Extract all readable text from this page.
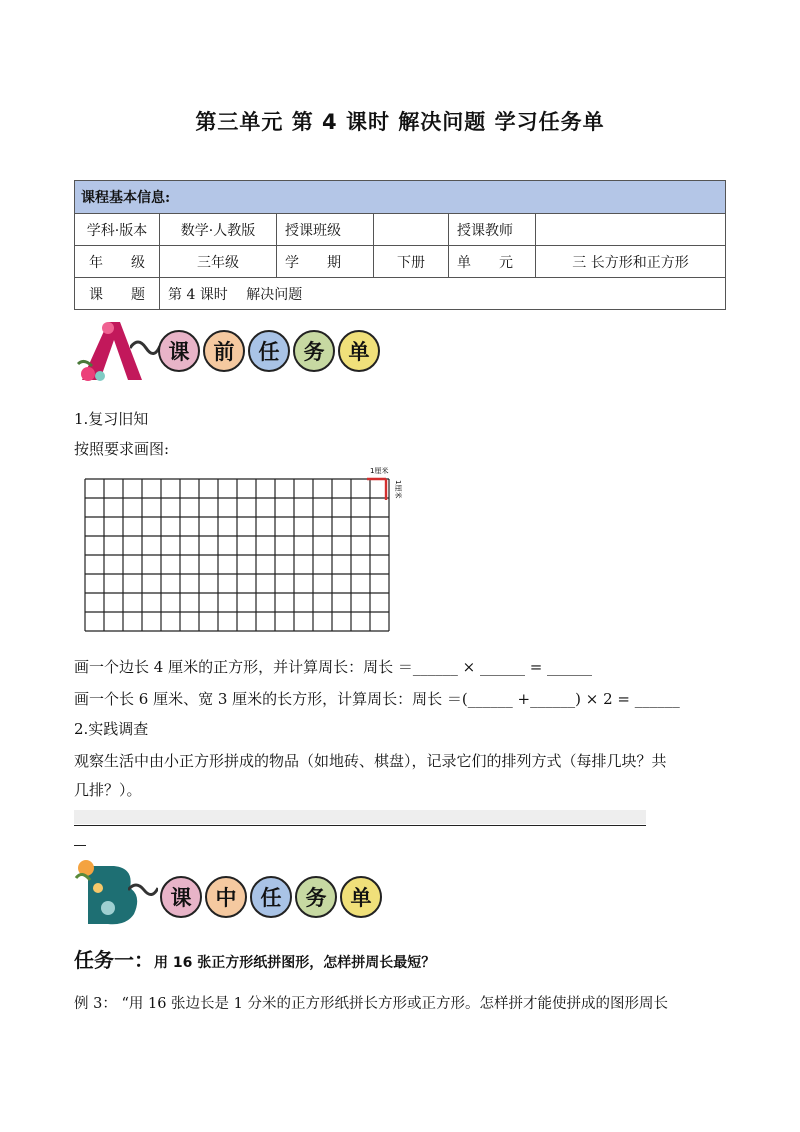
第三单元 第 4 课时 解决问题 学习任务单
课程基本信息:					
学科·版本	数学·人教版	授课班级		授课教师	
年　　级	三年级	学　　期	下册	单　　元	三 长方形和正方形
课　　题	第 4 课时　 解决问题				
课	前	任	务	单
1.复习旧知
按照要求画图:
1厘米
1厘米
画一个边长 4 厘米的正方形，并计算周长：周长 ＝______ × ______ = ______
画一个长 6 厘米、宽 3 厘米的长方形，计算周长：周长 ＝(______ +______) × 2 = ______
2.实践调查
观察生活中由小正方形拼成的物品（如地砖、棋盘），记录它们的排列方式（每排几块？共
几排？）。
课	中	任	务	单
任务一：用 16 张正方形纸拼图形，怎样拼周长最短？
例 3： “用 16 张边长是 1 分米的正方形纸拼长方形或正方形。怎样拼才能使拼成的图形周长
